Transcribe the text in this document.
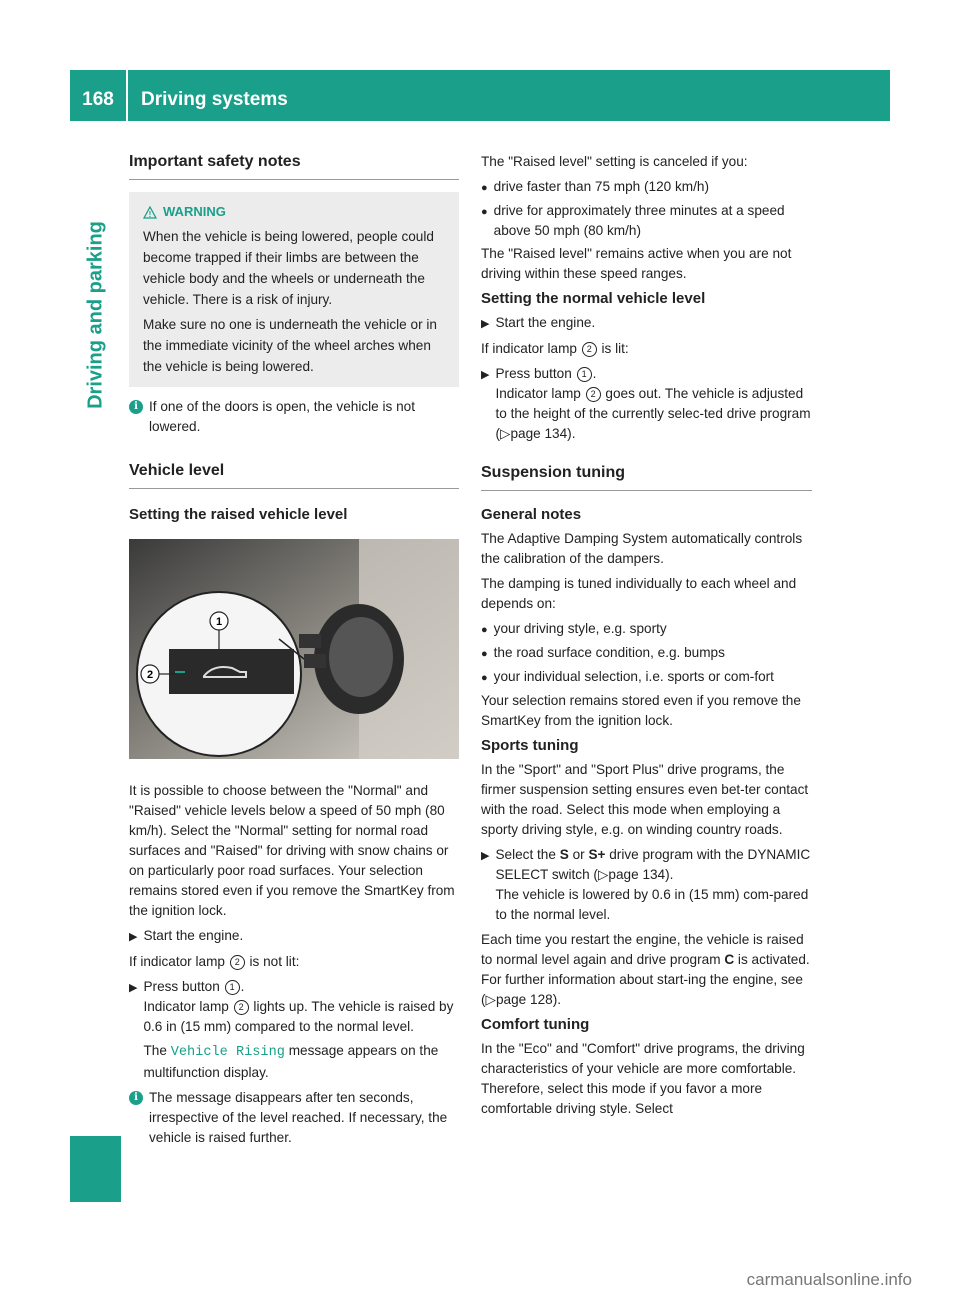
168	Driving systems
Driving and parking
Important safety notes
! WARNING

When the vehicle is being lowered, people could become trapped if their limbs are between the vehicle body and the wheels or underneath the vehicle. There is a risk of injury.

Make sure no one is underneath the vehicle or in the immediate vicinity of the wheel arches when the vehicle is being lowered.

i If one of the doors is open, the vehicle is not lowered.
Vehicle level
Setting the raised vehicle level
1
2

It is possible to choose between the "Normal" and "Raised" vehicle levels below a speed of 50 mph (80 km/h). Select the "Normal" setting for normal road surfaces and "Raised" for driving with snow chains or on particularly poor road surfaces. Your selection remains stored even if you remove the SmartKey from the ignition lock.

▶ Start the engine.

If indicator lamp 2 is not lit:

▶ Press button 1 .
Indicator lamp 2 lights up. The vehicle is raised by 0.6 in (15 mm) compared to the normal level.
The Vehicle Rising message appears on the multifunction display.
i The message disappears after ten seconds, irrespective of the level reached. If necessary, the vehicle is raised further.

The "Raised level" setting is canceled if you:

● drive faster than 75 mph (120 km/h)
● drive for approximately three minutes at a speed above 50 mph (80 km/h)

The "Raised level" remains active when you are not driving within these speed ranges.

Setting the normal vehicle level
▶ Start the engine.

If indicator lamp 2 is lit:

▶ Press button 1 .
Indicator lamp 2 goes out. The vehicle is adjusted to the height of the currently selec-ted drive program (▷page 134).
Suspension tuning
General notes

The Adaptive Damping System automatically controls the calibration of the dampers.

The damping is tuned individually to each wheel and depends on:

● your driving style, e.g. sporty
● the road surface condition, e.g. bumps
● your individual selection, i.e. sports or com-fort

Your selection remains stored even if you remove the SmartKey from the ignition lock.

Sports tuning

In the "Sport" and "Sport Plus" drive programs, the firmer suspension setting ensures even bet-ter contact with the road. Select this mode when employing a sporty driving style, e.g. on winding country roads.

▶ Select the S or S+ drive program with the DYNAMIC SELECT switch (▷page 134).
The vehicle is lowered by 0.6 in (15 mm) com-pared to the normal level.

Each time you restart the engine, the vehicle is raised to normal level again and drive program C is activated. For further information about start-ing the engine, see (▷page 128).

Comfort tuning

In the "Eco" and "Comfort" drive programs, the driving characteristics of your vehicle are more comfortable. Therefore, select this mode if you favor a more comfortable driving style. Select

carmanualsonline.info
